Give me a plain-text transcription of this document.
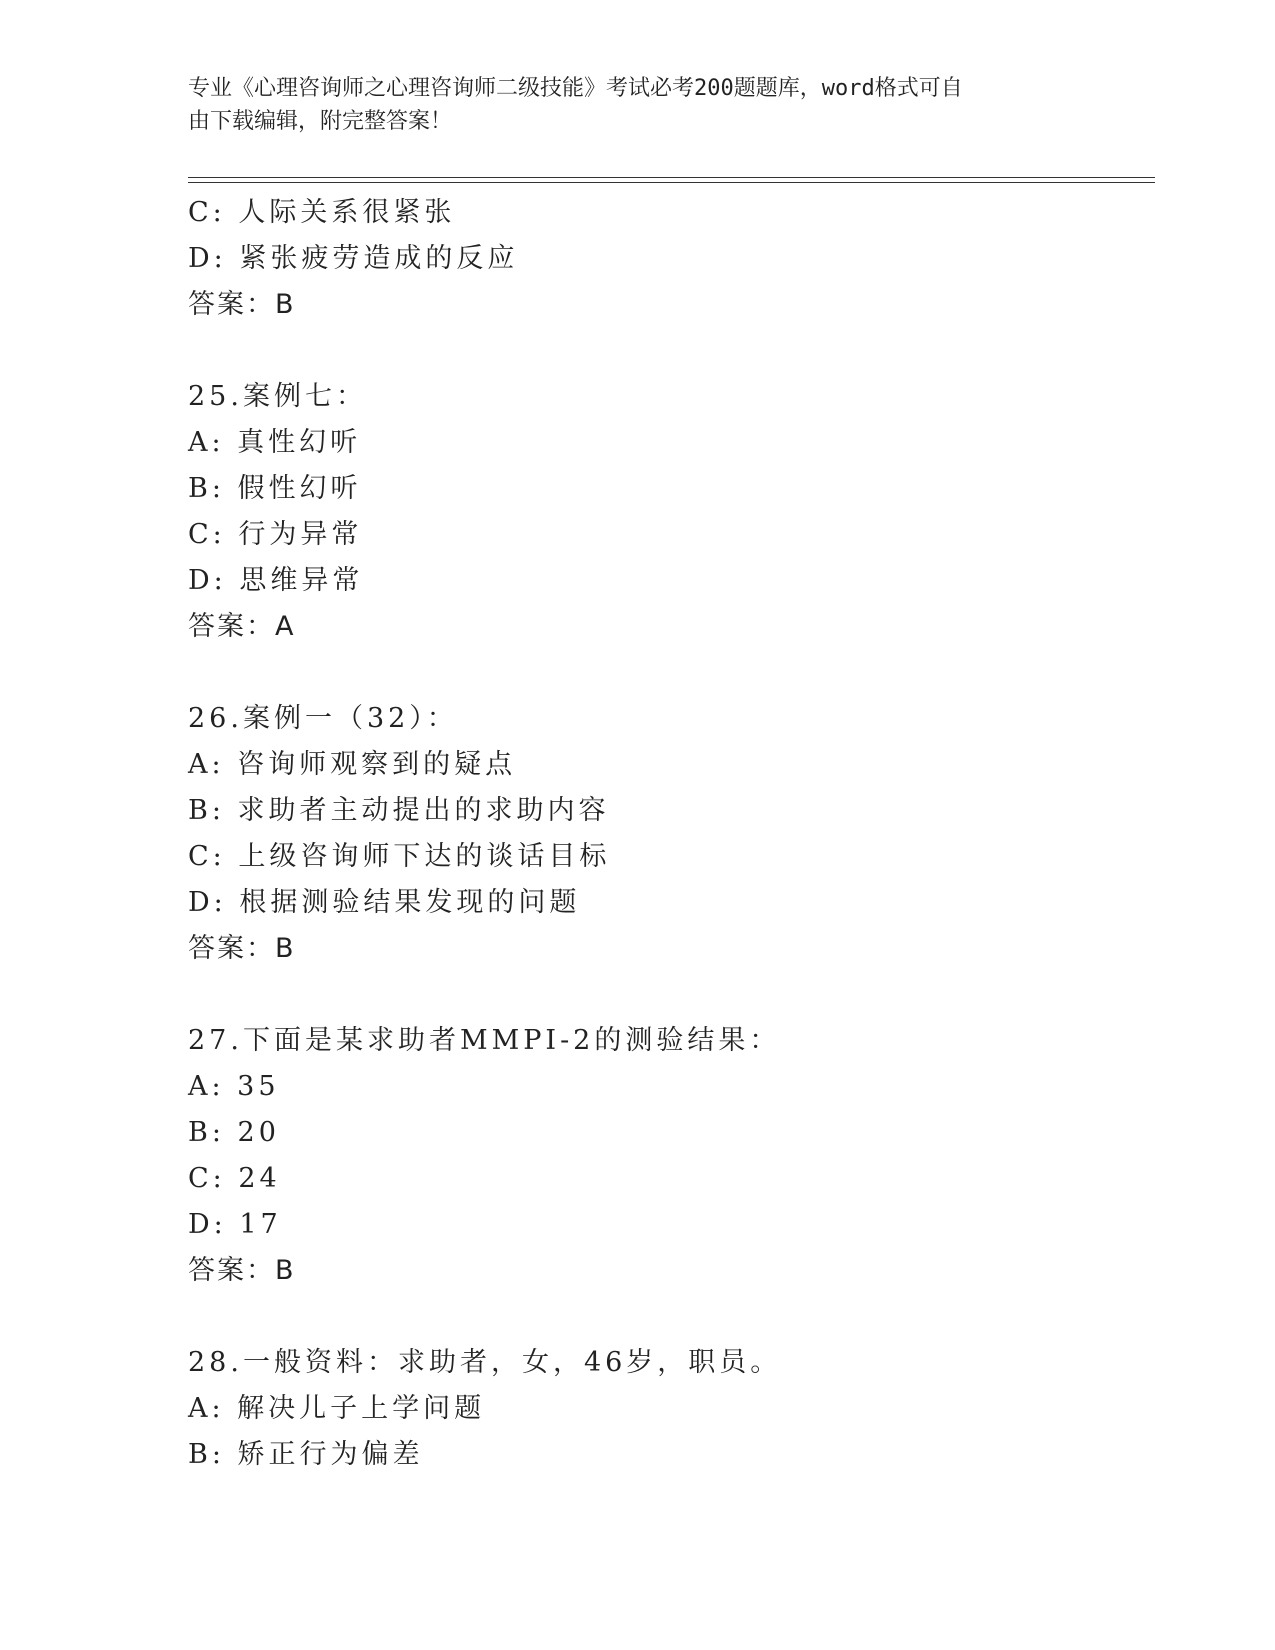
专业《心理咨询师之心理咨询师二级技能》考试必考200题题库，word格式可自
由下载编辑，附完整答案！
C: 人际关系很紧张
D: 紧张疲劳造成的反应
答案：B
25.案例七：
A: 真性幻听
B: 假性幻听
C: 行为异常
D: 思维异常
答案：A
26.案例一（32）：
A: 咨询师观察到的疑点
B: 求助者主动提出的求助内容
C: 上级咨询师下达的谈话目标
D: 根据测验结果发现的问题
答案：B
27.下面是某求助者MMPI-2的测验结果：
A: 35
B: 20
C: 24
D: 17
答案：B
28.一般资料：求助者，女，46岁，职员。
A: 解决儿子上学问题
B: 矫正行为偏差
